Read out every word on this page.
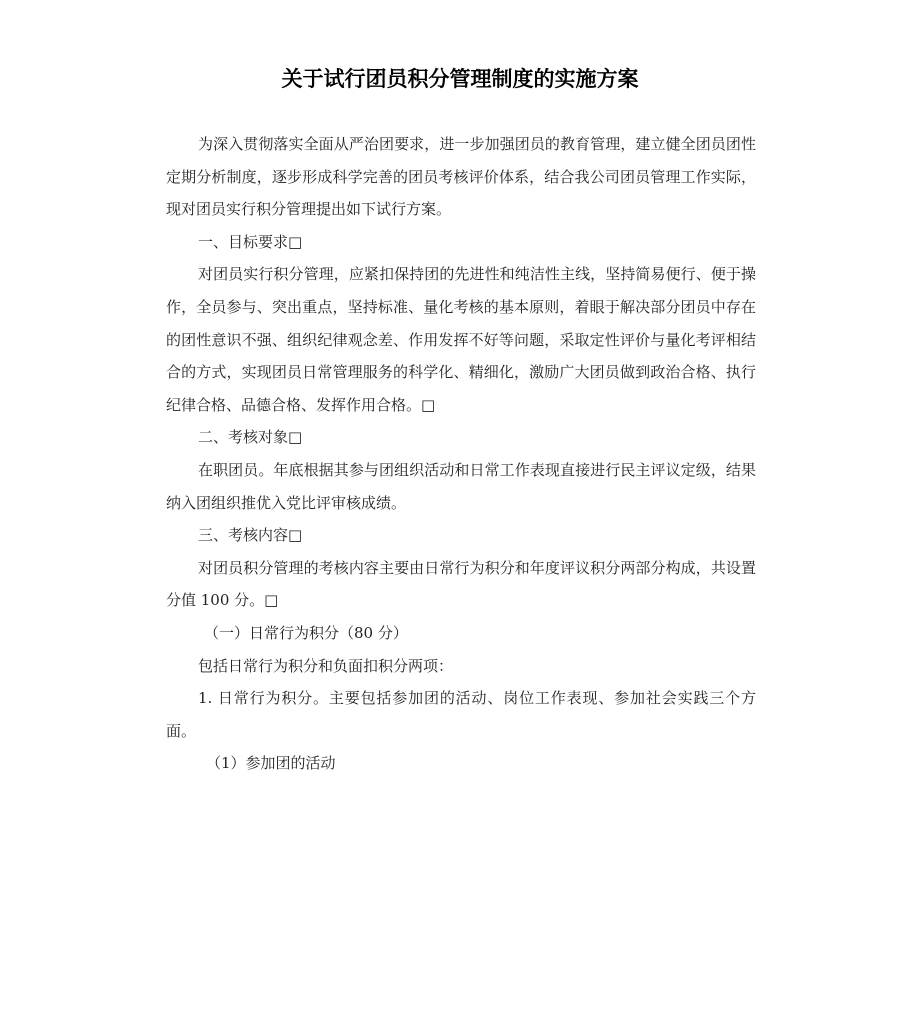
关于试行团员积分管理制度的实施方案

为深入贯彻落实全面从严治团要求，进一步加强团员的教育管理，建立健全团员团性定期分析制度，逐步形成科学完善的团员考核评价体系，结合我公司团员管理工作实际，现对团员实行积分管理提出如下试行方案。

一、目标要求□

对团员实行积分管理，应紧扣保持团的先进性和纯洁性主线，坚持简易便行、便于操作，全员参与、突出重点，坚持标准、量化考核的基本原则，着眼于解决部分团员中存在的团性意识不强、组织纪律观念差、作用发挥不好等问题，采取定性评价与量化考评相结合的方式，实现团员日常管理服务的科学化、精细化，激励广大团员做到政治合格、执行纪律合格、品德合格、发挥作用合格。□

二、考核对象□

在职团员。年底根据其参与团组织活动和日常工作表现直接进行民主评议定级，结果纳入团组织推优入党比评审核成绩。

三、考核内容□

对团员积分管理的考核内容主要由日常行为积分和年度评议积分两部分构成，共设置分值 100 分。□

（一）日常行为积分（80 分）

包括日常行为积分和负面扣积分两项：

1. 日常行为积分。主要包括参加团的活动、岗位工作表现、参加社会实践三个方面。

（1）参加团的活动
